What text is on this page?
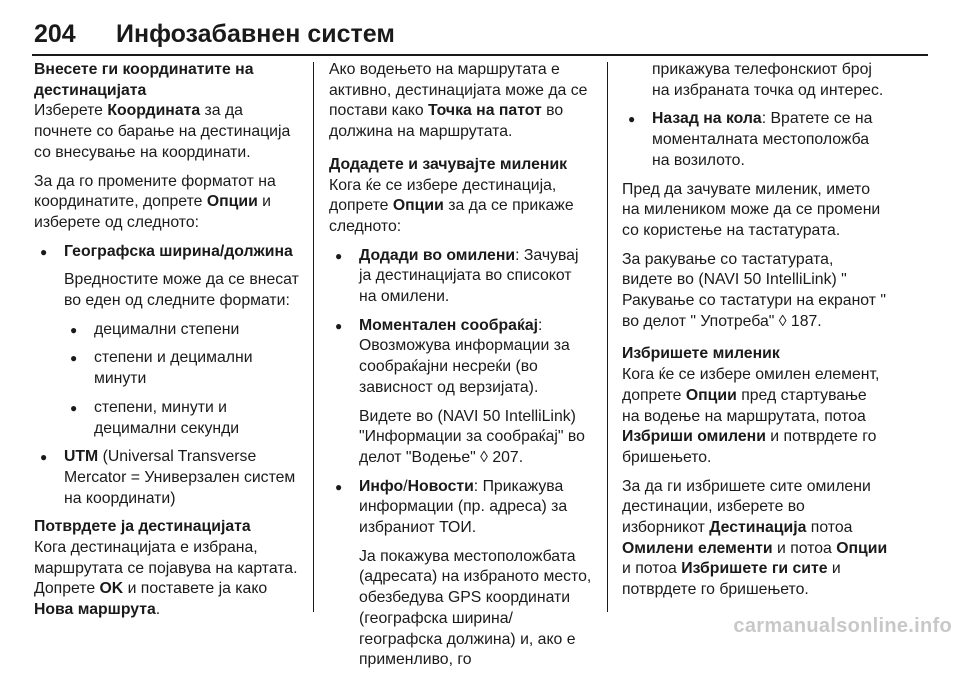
204 Инфозабавнен систем

Внесете ги координатите на дестинацијата

Изберете Координата за да почнете со барање на дестинација со внесување на координати.

За да го промените форматот на координатите, допрете Опции и изберете од следното:

● Географска ширина/должина

Вредностите може да се внесат во еден од следните формати:

● децимални степени
● степени и децимални минути
● степени, минути и децимални секунди
● UTM (Universal Transverse Mercator = Универзален систем на координати)

Потврдете ја дестинацијата

Кога дестинацијата е избрана, маршрутата се појавува на картата. Допрете OK и поставете ја како Нова маршрута.

Ако водењето на маршрутата е активно, дестинацијата може да се постави како Точка на патот во должина на маршрутата.

Додадете и зачувајте миленик

Кога ќе се избере дестинација, допрете Опции за да се прикаже следното:

● Додади во омилени: Зачувај ја дестинацијата во списокот на омилени.
● Моментален сообраќај: Овозможува информации за сообраќајни несреќи (во зависност од верзијата).

Видете во (NAVI 50 IntelliLink) "Информации за сообраќај" во делот "Водење" ◊ 207.

● Инфо/Новости: Прикажува информации (пр. адреса) за избраниот ТОИ.

Ја покажува местоположбата (адресата) на избраното место, обезбедува GPS координати (географска ширина/географска должина) и, ако е применливо, го

прикажува телефонскиот број на избраната точка од интерес.

● Назад на кола: Вратете се на моменталната местоположба на возилото.

Пред да зачувате миленик, името на милеником може да се промени со користење на тастатурата.

За ракување со тастатурата, видете во (NAVI 50 IntelliLink) " Ракување со тастатури на екранот " во делот " Употреба" ◊ 187.

Избришете миленик

Кога ќе се избере омилен елемент, допрете Опции пред стартување на водење на маршрутата, потоа Избриши омилени и потврдете го бришењето.

За да ги избришете сите омилени дестинации, изберете во изборникот Дестинација потоа Омилени елементи и потоа Опции и потоа Избришете ги сите и потврдете го бришењето.

carmanualsonline.info
